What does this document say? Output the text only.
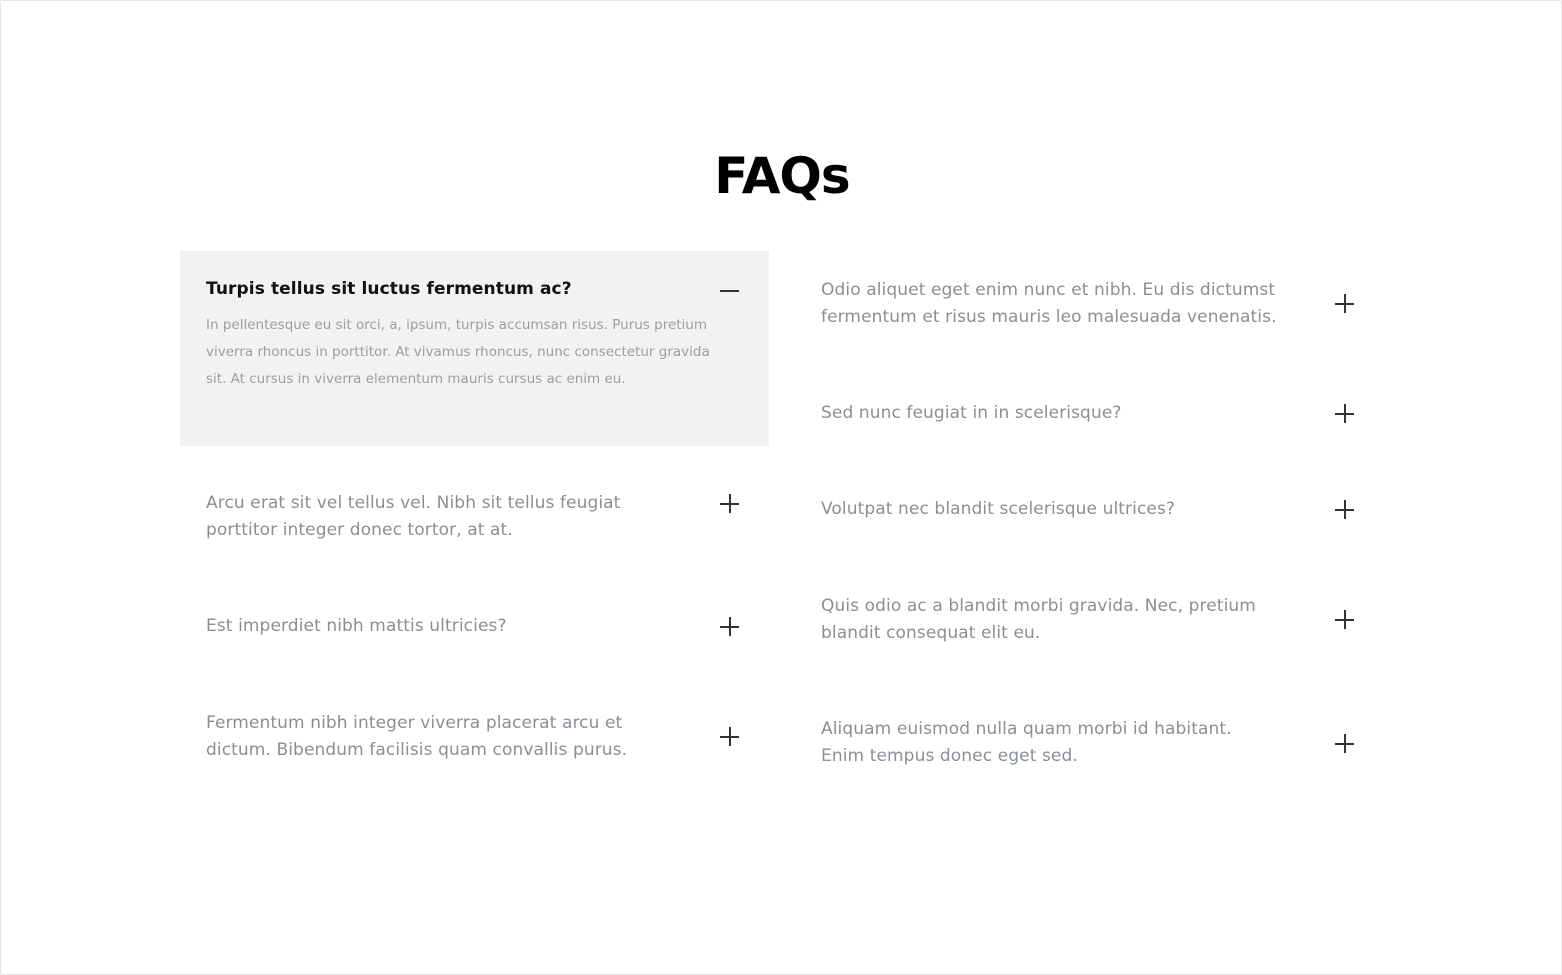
FAQs

Turpis tellus sit luctus fermentum ac?

In pellentesque eu sit orci, a, ipsum, turpis accumsan risus. Purus pretium viverra rhoncus in porttitor. At vivamus rhoncus, nunc consectetur gravida sit. At cursus in viverra elementum mauris cursus ac enim eu.

Arcu erat sit vel tellus vel. Nibh sit tellus feugiat porttitor integer donec tortor, at at.

Est imperdiet nibh mattis ultricies?

Fermentum nibh integer viverra placerat arcu et dictum. Bibendum facilisis quam convallis purus.

Odio aliquet eget enim nunc et nibh. Eu dis dictumst fermentum et risus mauris leo malesuada venenatis.

Sed nunc feugiat in in scelerisque?

Volutpat nec blandit scelerisque ultrices?

Quis odio ac a blandit morbi gravida. Nec, pretium blandit consequat elit eu.

Aliquam euismod nulla quam morbi id habitant. Enim tempus donec eget sed.
